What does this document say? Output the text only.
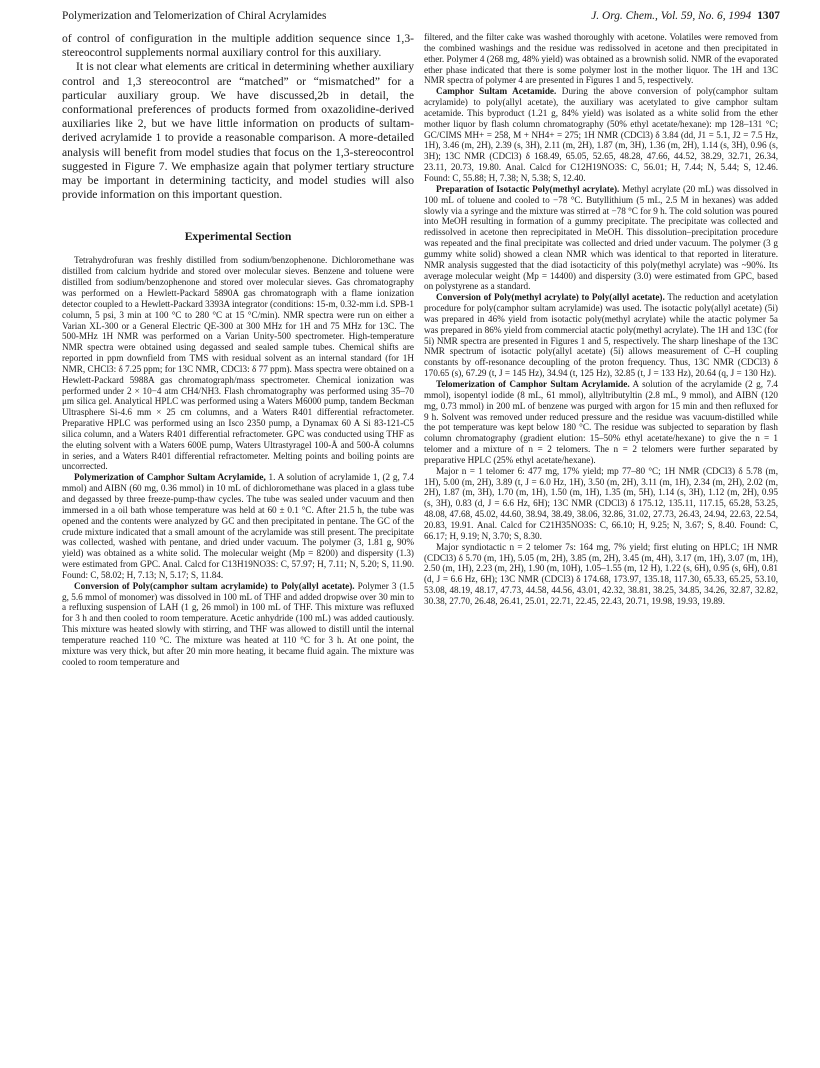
Polymerization and Telomerization of Chiral Acrylamides	J. Org. Chem., Vol. 59, No. 6, 1994 1307

of control of configuration in the multiple addition sequence since 1,3-stereocontrol supplements normal auxiliary control for this auxiliary.

It is not clear what elements are critical in determining whether auxiliary control and 1,3 stereocontrol are “matched” or “mismatched” for a particular auxiliary group. We have discussed,2b in detail, the conformational preferences of products formed from oxazolidine-derived auxiliaries like 2, but we have little information on products of sultam-derived acrylamide 1 to provide a reasonable comparison. A more-detailed analysis will benefit from model studies that focus on the 1,3-stereocontrol suggested in Figure 7. We emphasize again that polymer tertiary structure may be important in determining tacticity, and model studies will also provide information on this important question.

Experimental Section

Tetrahydrofuran was freshly distilled from sodium/benzophenone. Dichloromethane was distilled from calcium hydride and stored over molecular sieves. Benzene and toluene were distilled from sodium/benzophenone and stored over molecular sieves. Gas chromatography was performed on a Hewlett-Packard 5890A gas chromatograph with a flame ionization detector coupled to a Hewlett-Packard 3393A integrator (conditions: 15-m, 0.32-mm i.d. SPB-1 column, 5 psi, 3 min at 100 °C to 280 °C at 15 °C/min). NMR spectra were run on either a Varian XL-300 or a General Electric QE-300 at 300 MHz for 1H and 75 MHz for 13C. The 500-MHz 1H NMR was performed on a Varian Unity-500 spectrometer. High-temperature NMR spectra were obtained using degassed and sealed sample tubes. Chemical shifts are reported in ppm downfield from TMS with residual solvent as an internal standard (for 1H NMR, CHCl3: δ 7.25 ppm; for 13C NMR, CDCl3: δ 77 ppm). Mass spectra were obtained on a Hewlett-Packard 5988A gas chromatograph/mass spectrometer. Chemical ionization was performed under 2 × 10−4 atm CH4/NH3. Flash chromatography was performed using 35–70 μm silica gel. Analytical HPLC was performed using a Waters M6000 pump, tandem Beckman Ultrasphere Si-4.6 mm × 25 cm columns, and a Waters R401 differential refractometer. Preparative HPLC was performed using an Isco 2350 pump, a Dynamax 60 A Si 83-121-C5 silica column, and a Waters R401 differential refractometer. GPC was conducted using THF as the eluting solvent with a Waters 600E pump, Waters Ultrastyragel 100-Å and 500-Å columns in series, and a Waters R401 differential refractometer. Melting points and boiling points are uncorrected.

Polymerization of Camphor Sultam Acrylamide, 1. A solution of acrylamide 1, (2 g, 7.4 mmol) and AIBN (60 mg, 0.36 mmol) in 10 mL of dichloromethane was placed in a glass tube and degassed by three freeze-pump-thaw cycles. The tube was sealed under vacuum and then immersed in a oil bath whose temperature was held at 60 ± 0.1 °C. After 21.5 h, the tube was opened and the contents were analyzed by GC and then precipitated in pentane. The GC of the crude mixture indicated that a small amount of the acrylamide was still present. The precipitate was collected, washed with pentane, and dried under vacuum. The polymer (3, 1.81 g, 90% yield) was obtained as a white solid. The molecular weight (Mp = 8200) and dispersity (1.3) were estimated from GPC. Anal. Calcd for C13H19NO3S: C, 57.97; H, 7.11; N, 5.20; S, 11.90. Found: C, 58.02; H, 7.13; N, 5.17; S, 11.84.

Conversion of Poly(camphor sultam acrylamide) to Poly(allyl acetate). Polymer 3 (1.5 g, 5.6 mmol of monomer) was dissolved in 100 mL of THF and added dropwise over 30 min to a refluxing suspension of LAH (1 g, 26 mmol) in 100 mL of THF. This mixture was refluxed for 3 h and then cooled to room temperature. Acetic anhydride (100 mL) was added cautiously. This mixture was heated slowly with stirring, and THF was allowed to distill until the internal temperature reached 110 °C. The mixture was heated at 110 °C for 3 h. At one point, the mixture was very thick, but after 20 min more heating, it became fluid again. The mixture was cooled to room temperature and

filtered, and the filter cake was washed thoroughly with acetone. Volatiles were removed from the combined washings and the residue was redissolved in acetone and then precipitated in ether. Polymer 4 (268 mg, 48% yield) was obtained as a brownish solid. NMR of the evaporated ether phase indicated that there is some polymer lost in the mother liquor. The 1H and 13C NMR spectra of polymer 4 are presented in Figures 1 and 5, respectively.

Camphor Sultam Acetamide. During the above conversion of poly(camphor sultam acrylamide) to poly(allyl acetate), the auxiliary was acetylated to give camphor sultam acetamide. This byproduct (1.21 g, 84% yield) was isolated as a white solid from the ether mother liquor by flash column chromatography (50% ethyl acetate/hexane): mp 128–131 °C; GC/CIMS MH+ = 258, M + NH4+ = 275; 1H NMR (CDCl3) δ 3.84 (dd, J1 = 5.1, J2 = 7.5 Hz, 1H), 3.46 (m, 2H), 2.39 (s, 3H), 2.11 (m, 2H), 1.87 (m, 3H), 1.36 (m, 2H), 1.14 (s, 3H), 0.96 (s, 3H); 13C NMR (CDCl3) δ 168.49, 65.05, 52.65, 48.28, 47.66, 44.52, 38.29, 32.71, 26.34, 23.11, 20.73, 19.80. Anal. Calcd for C12H19NO3S: C, 56.01; H, 7.44; N, 5.44; S, 12.46. Found: C, 55.88; H, 7.38; N, 5.38; S, 12.40.

Preparation of Isotactic Poly(methyl acrylate). Methyl acrylate (20 mL) was dissolved in 100 mL of toluene and cooled to −78 °C. Butyllithium (5 mL, 2.5 M in hexanes) was added slowly via a syringe and the mixture was stirred at −78 °C for 9 h. The cold solution was poured into MeOH resulting in formation of a gummy precipitate. The precipitate was collected and redissolved in acetone then reprecipitated in MeOH. This dissolution–precipitation procedure was repeated and the final precipitate was collected and dried under vacuum. The polymer (3 g gummy white solid) showed a clean NMR which was identical to that reported in literature. NMR analysis suggested that the diad isotacticity of this poly(methyl acrylate) was ~90%. Its average molecular weight (Mp = 14400) and dispersity (3.0) were estimated from GPC, based on polystyrene as a standard.

Conversion of Poly(methyl acrylate) to Poly(allyl acetate). The reduction and acetylation procedure for poly(camphor sultam acrylamide) was used. The isotactic poly(allyl acetate) (5i) was prepared in 46% yield from isotactic poly(methyl acrylate) while the atactic polymer 5a was prepared in 86% yield from commercial atactic poly(methyl acrylate). The 1H and 13C (for 5i) NMR spectra are presented in Figures 1 and 5, respectively. The sharp lineshape of the 13C NMR spectrum of isotactic poly(allyl acetate) (5i) allows measurement of C–H coupling constants by off-resonance decoupling of the proton frequency. Thus, 13C NMR (CDCl3) δ 170.65 (s), 67.29 (t, J = 145 Hz), 34.94 (t, 125 Hz), 32.85 (t, J = 133 Hz), 20.64 (q, J = 130 Hz).

Telomerization of Camphor Sultam Acrylamide. A solution of the acrylamide (2 g, 7.4 mmol), isopentyl iodide (8 mL, 61 mmol), allyltributyltin (2.8 mL, 9 mmol), and AIBN (120 mg, 0.73 mmol) in 200 mL of benzene was purged with argon for 15 min and then refluxed for 9 h. Solvent was removed under reduced pressure and the residue was vacuum-distilled while the pot temperature was kept below 180 °C. The residue was subjected to separation by flash column chromatography (gradient elution: 15–50% ethyl acetate/hexane) to give the n = 1 telomer and a mixture of n = 2 telomers. The n = 2 telomers were further separated by preparative HPLC (25% ethyl acetate/hexane).

Major n = 1 telomer 6: 477 mg, 17% yield; mp 77–80 °C; 1H NMR (CDCl3) δ 5.78 (m, 1H), 5.00 (m, 2H), 3.89 (t, J = 6.0 Hz, 1H), 3.50 (m, 2H), 3.11 (m, 1H), 2.34 (m, 2H), 2.02 (m, 2H), 1.87 (m, 3H), 1.70 (m, 1H), 1.50 (m, 1H), 1.35 (m, 5H), 1.14 (s, 3H), 1.12 (m, 2H), 0.95 (s, 3H), 0.83 (d, J = 6.6 Hz, 6H); 13C NMR (CDCl3) δ 175.12, 135.11, 117.15, 65.28, 53.25, 48.08, 47.68, 45.02, 44.60, 38.94, 38.49, 38.06, 32.86, 31.02, 27.73, 26.43, 24.94, 22.63, 22.54, 20.83, 19.91. Anal. Calcd for C21H35NO3S: C, 66.10; H, 9.25; N, 3.67; S, 8.40. Found: C, 66.17; H, 9.19; N, 3.70; S, 8.30.

Major syndiotactic n = 2 telomer 7s: 164 mg, 7% yield; first eluting on HPLC; 1H NMR (CDCl3) δ 5.70 (m, 1H), 5.05 (m, 2H), 3.85 (m, 2H), 3.45 (m, 4H), 3.17 (m, 1H), 3.07 (m, 1H), 2.50 (m, 1H), 2.23 (m, 2H), 1.90 (m, 10H), 1.05–1.55 (m, 12 H), 1.22 (s, 6H), 0.95 (s, 6H), 0.81 (d, J = 6.6 Hz, 6H); 13C NMR (CDCl3) δ 174.68, 173.97, 135.18, 117.30, 65.33, 65.25, 53.10, 53.08, 48.19, 48.17, 47.73, 44.58, 44.56, 43.01, 42.32, 38.81, 38.25, 34.85, 34.26, 32.87, 32.82, 30.38, 27.70, 26.48, 26.41, 25.01, 22.71, 22.45, 22.43, 20.71, 19.98, 19.93, 19.89.
